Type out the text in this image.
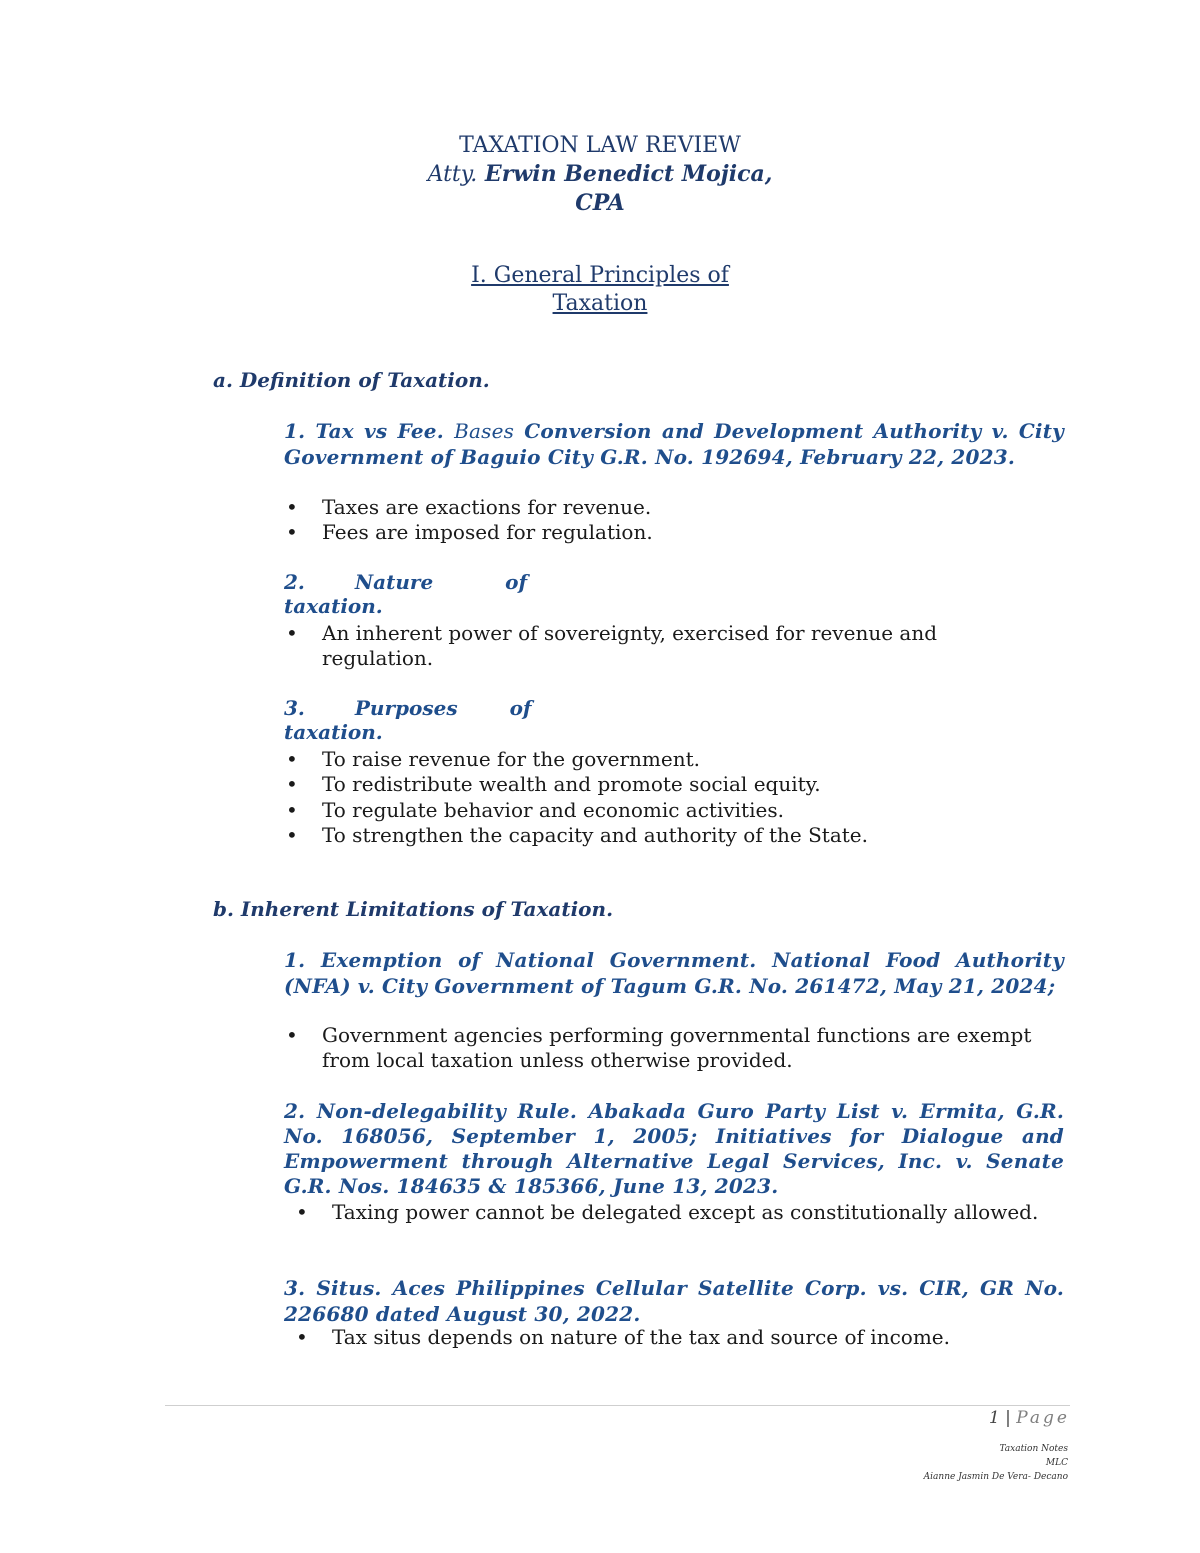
TAXATION LAW REVIEW
Atty. Erwin Benedict Mojica,
CPA
I. General Principles of
Taxation
a. Definition of Taxation.
1. Tax vs Fee. Bases Conversion and Development Authority v. City Government of Baguio City G.R. No. 192694, February 22, 2023.
• Taxes are exactions for revenue.
• Fees are imposed for regulation.
2.	Nature	of
taxation.
• An inherent power of sovereignty, exercised for revenue and regulation.
3.	Purposes	of
taxation.
• To raise revenue for the government.
• To redistribute wealth and promote social equity.
• To regulate behavior and economic activities.
• To strengthen the capacity and authority of the State.
b. Inherent Limitations of Taxation.
1. Exemption of National Government. National Food Authority (NFA) v. City Government of Tagum G.R. No. 261472, May 21, 2024;
• Government agencies performing governmental functions are exempt from local taxation unless otherwise provided.
2. Non-delegability Rule. Abakada Guro Party List v. Ermita, G.R. No. 168056, September 1, 2005; Initiatives for Dialogue and Empowerment through Alternative Legal Services, Inc. v. Senate G.R. Nos. 184635 & 185366, June 13, 2023.
• Taxing power cannot be delegated except as constitutionally allowed.
3. Situs. Aces Philippines Cellular Satellite Corp. vs. CIR, GR No. 226680 dated August 30, 2022.
• Tax situs depends on nature of the tax and source of income.
1 | Page
Taxation Notes
MLC
Aianne Jasmin De Vera- Decano
